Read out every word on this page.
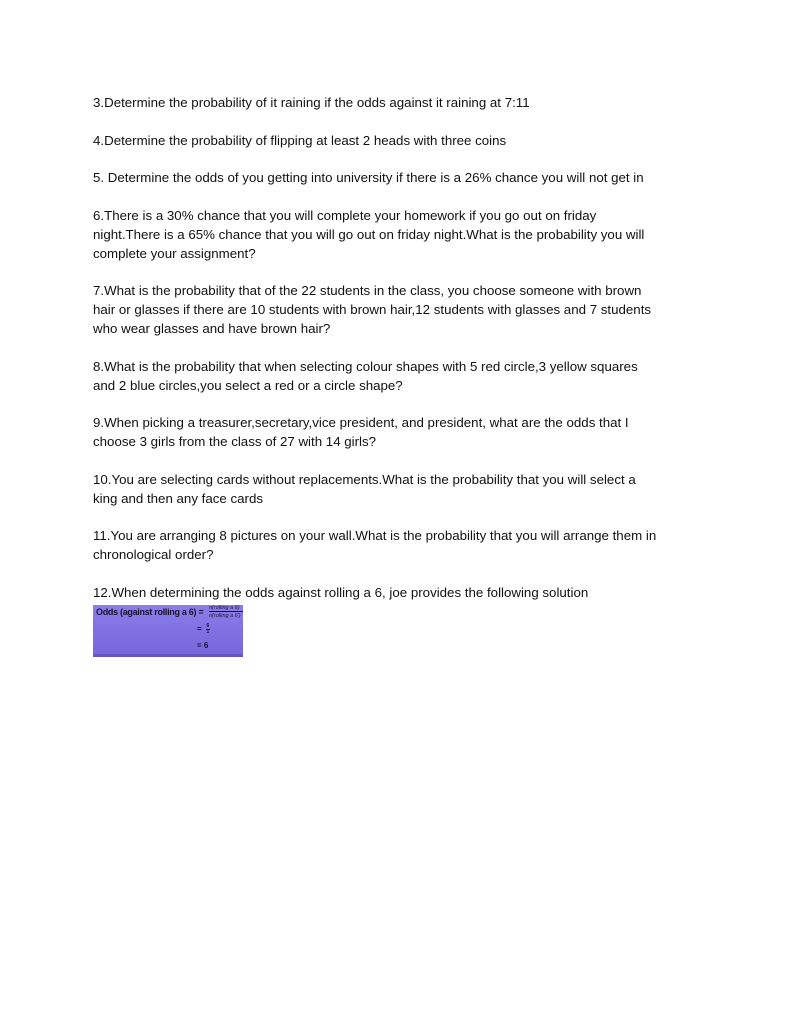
3.Determine the probability of it raining if the odds against it raining at 7:11
4.Determine the probability of flipping at least 2 heads with three coins
5. Determine the odds of you getting into university if there is a 26% chance you will not get in
6.There is a 30% chance that you will complete your homework if you go out on friday
night.There is a 65% chance that you will go out on friday night.What is the probability you will
complete your assignment?
7.What is the probability that of the 22 students in the class, you choose someone with brown
hair or glasses if there are 10 students with brown hair,12 students with glasses and 7 students
who wear glasses and have brown hair?
8.What is the probability that when selecting colour shapes with 5 red circle,3 yellow squares
and 2 blue circles,you select a red or a circle shape?
9.When picking a treasurer,secretary,vice president, and president, what are the odds that I
choose 3 girls from the class of 27 with 14 girls?
10.You are selecting cards without replacements.What is the probability that you will select a
king and then any face cards
11.You are arranging 8 pictures on your wall.What is the probability that you will arrange them in
chronological order?
12.When determining the odds against rolling a 6, joe provides the following solution
Odds (against rolling a 6) = n(rolling a 6)
n(rolling a 6')
= $\frac{6}{1}$
= 6
